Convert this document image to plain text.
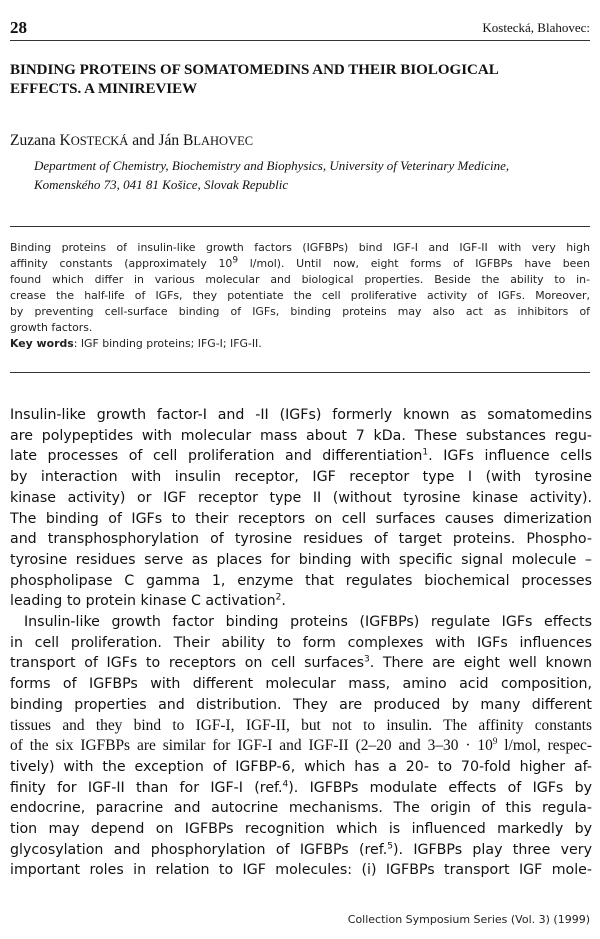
28	Kostecká, Blahovec:
BINDING PROTEINS OF SOMATOMEDINS AND THEIR BIOLOGICAL
EFFECTS. A MINIREVIEW
Zuzana KOSTECKÁ and Ján BLAHOVEC
Department of Chemistry, Biochemistry and Biophysics, University of Veterinary Medicine,
Komenského 73, 041 81 Košice, Slovak Republic
Binding proteins of insulin-like growth factors (IGFBPs) bind IGF-I and IGF-II with very high
affinity constants (approximately $10^9$ l/mol). Until now, eight forms of IGFBPs have been
found which differ in various molecular and biological properties. Beside the ability to in-
crease the half-life of IGFs, they potentiate the cell proliferative activity of IGFs. Moreover,
by preventing cell-surface binding of IGFs, binding proteins may also act as inhibitors of
growth factors.
Key words: IGF binding proteins; IFG-I; IFG-II.
Insulin-like growth factor-I and -II (IGFs) formerly known as somatomedins
are polypeptides with molecular mass about 7 kDa. These substances regu-
late processes of cell proliferation and differentiation$^1$. IGFs influence cells
by interaction with insulin receptor, IGF receptor type I (with tyrosine
kinase activity) or IGF receptor type II (without tyrosine kinase activity).
The binding of IGFs to their receptors on cell surfaces causes dimerization
and transphosphorylation of tyrosine residues of target proteins. Phospho-
tyrosine residues serve as places for binding with specific signal molecule –
phospholipase C gamma 1, enzyme that regulates biochemical processes
leading to protein kinase C activation$^2$.
Insulin-like growth factor binding proteins (IGFBPs) regulate IGFs effects
in cell proliferation. Their ability to form complexes with IGFs influences
transport of IGFs to receptors on cell surfaces$^3$. There are eight well known
forms of IGFBPs with different molecular mass, amino acid composition,
binding properties and distribution. They are produced by many different
tissues and they bind to IGF-I, IGF-II, but not to insulin. The affinity constants
of the six IGFBPs are similar for IGF-I and IGF-II (2–20 and $3-30 \cdot 10^9$ l/mol, respec-
tively) with the exception of IGFBP-6, which has a 20- to 70-fold higher af-
finity for IGF-II than for IGF-I (ref.$^4$). IGFBPs modulate effects of IGFs by
endocrine, paracrine and autocrine mechanisms. The origin of this regula-
tion may depend on IGFBPs recognition which is influenced markedly by
glycosylation and phosphorylation of IGFBPs (ref.$^5$). IGFBPs play three very
important roles in relation to IGF molecules: (i) IGFBPs transport IGF mole-
Collection Symposium Series (Vol. 3) (1999)
